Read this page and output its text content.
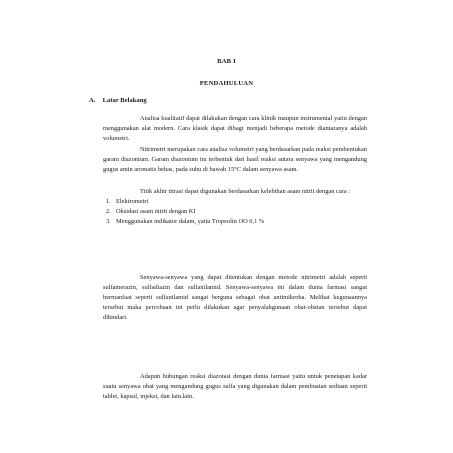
BAB I
PENDAHULUAN
A. Latar Belakang

Analisa kualitatif dapat dilakukan dengan cara klinik maupun instrumental yaitu dengan menggunakan alat modern. Cara klasik dapat dibagi menjadi beberapa metode diantaranya adalah volumetri.

Nitrimetri merupakan cara analisa volumetri yang berdasarkan pada reaksi pembentukan garam diazonium. Garam diazonium itu terbentuk dari hasil reaksi antara senyawa yang mengandung gugus amin aromatis bebas, pada suhu di bawah 15°C dalam senyawa asam.

Titik akhir titrasi dapat digunakan berdasarkan kelebihan asam nitrit dengan cara :

1. Elektrometri
2. Oksidasi asam nitrit dengan KI
3. Menggunakan indikator dalam, yaitu Tropeolin OO 0,1 %

Senyawa-senyawa yang dapat ditentukan dengan metode nitrimetri adalah seperti sulfamerazin, sulfadiazin dan sulfanilamid. Senyawa-senyawa ini dalam dunia farmasi sangat bermanfaat seperti sulfanilamid sangat berguna sebagai obat antimikroba. Melihat kegunaannya tersebut maka percobaan ini perlu dilakukan agar penyalahgunaan obat-obatan tersebut dapat dihindari.

Adapun hubungan reaksi diazotasi dengan dunia farmasi yaitu untuk penetapan kadar suatu senyawa obat yang mengandung gugus sulfa yang digunakan dalam pembuatan sediaan seperti tablet, kapsul, injeksi, dan lain.lain.
